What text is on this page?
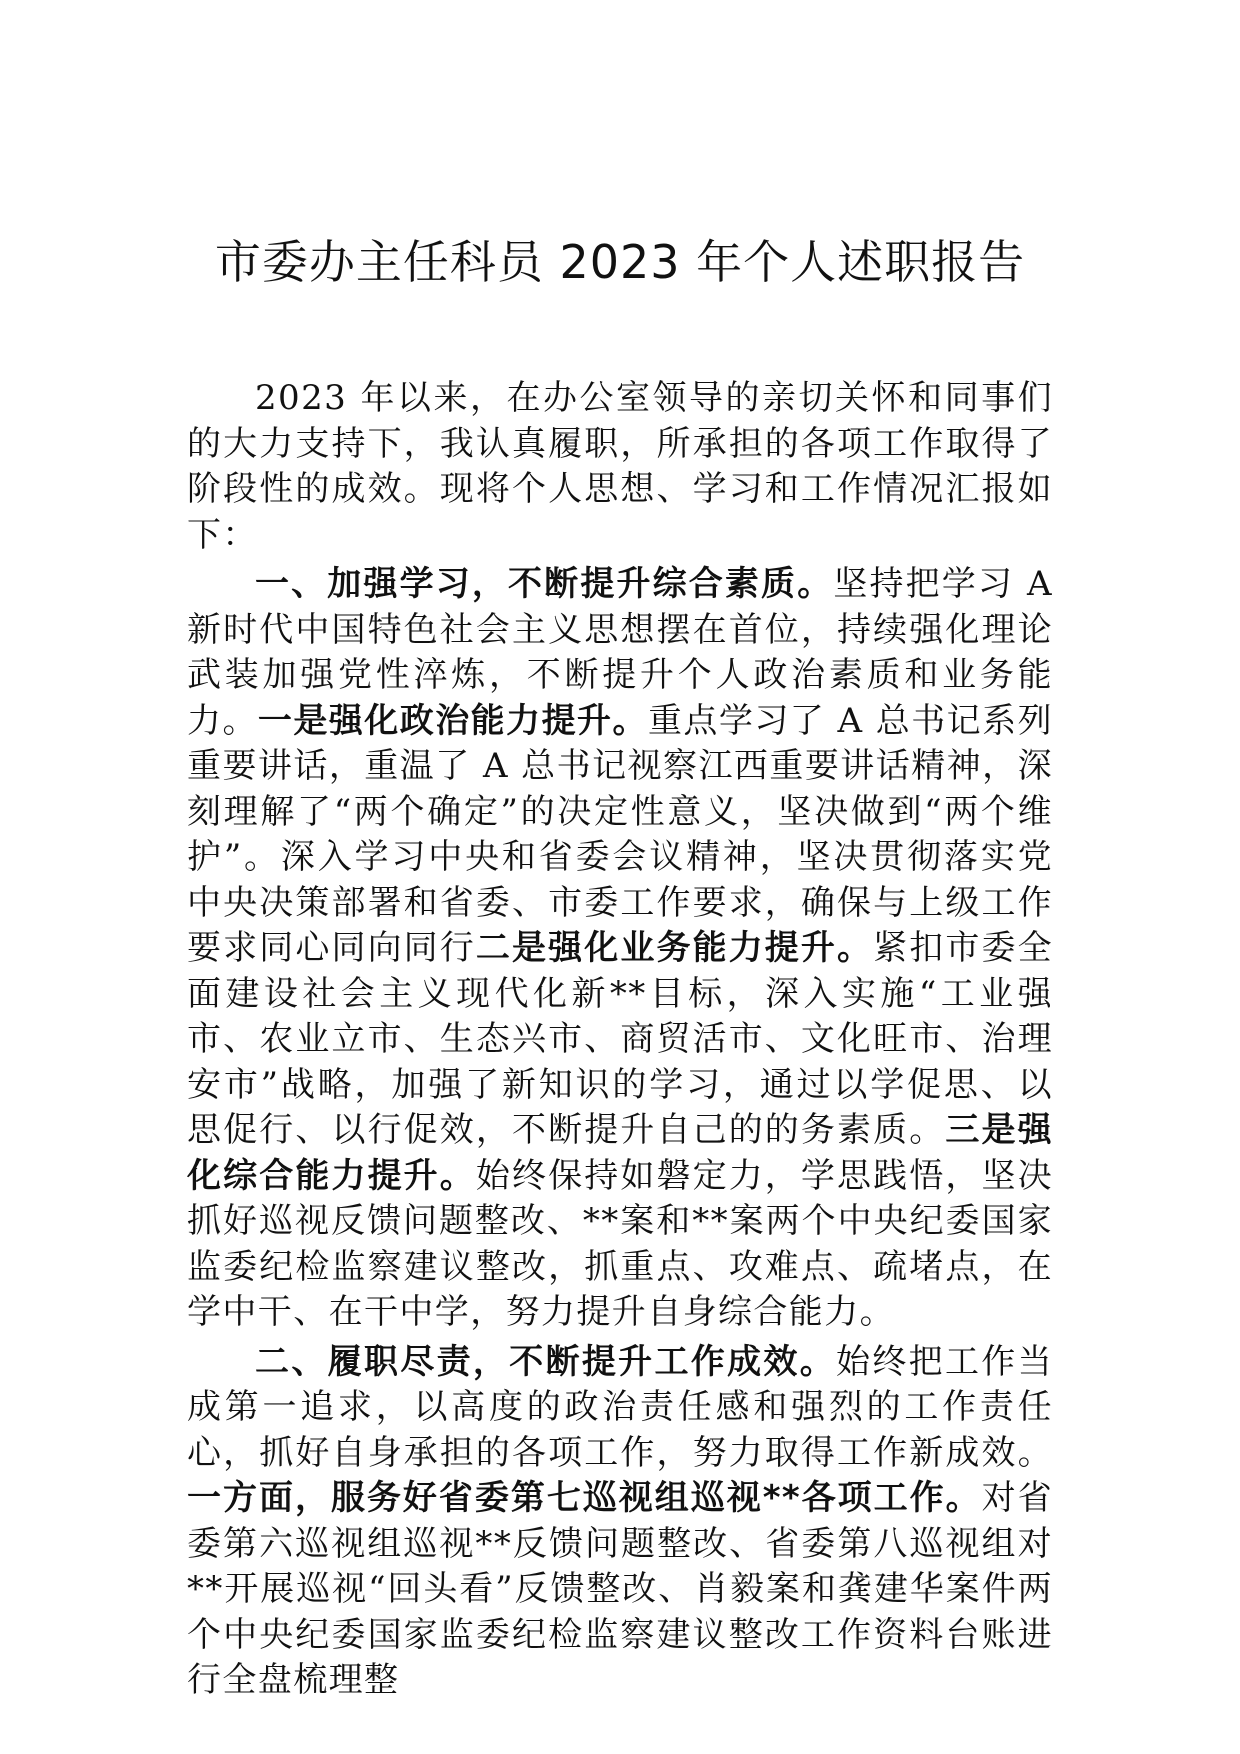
市委办主任科员 2023 年个人述职报告

2023 年以来，在办公室领导的亲切关怀和同事们的大力支持下，我认真履职，所承担的各项工作取得了阶段性的成效。现将个人思想、学习和工作情况汇报如下：

一、加强学习，不断提升综合素质。坚持把学习 A 新时代中国特色社会主义思想摆在首位，持续强化理论武装加强党性淬炼，不断提升个人政治素质和业务能力。一是强化政治能力提升。重点学习了 A 总书记系列重要讲话，重温了 A 总书记视察江西重要讲话精神，深刻理解了“两个确定”的决定性意义，坚决做到“两个维护”。深入学习中央和省委会议精神，坚决贯彻落实党中央决策部署和省委、市委工作要求，确保与上级工作要求同心同向同行二是强化业务能力提升。紧扣市委全面建设社会主义现代化新**目标，深入实施“工业强市、农业立市、生态兴市、商贸活市、文化旺市、治理安市”战略，加强了新知识的学习，通过以学促思、以思促行、以行促效，不断提升自己的的务素质。三是强化综合能力提升。始终保持如磐定力，学思践悟，坚决抓好巡视反馈问题整改、**案和**案两个中央纪委国家监委纪检监察建议整改，抓重点、攻难点、疏堵点，在学中干、在干中学，努力提升自身综合能力。

二、履职尽责，不断提升工作成效。始终把工作当成第一追求，以高度的政治责任感和强烈的工作责任心，抓好自身承担的各项工作，努力取得工作新成效。一方面，服务好省委第七巡视组巡视**各项工作。对省委第六巡视组巡视**反馈问题整改、省委第八巡视组对**开展巡视“回头看”反馈整改、肖毅案和龚建华案件两个中央纪委国家监委纪检监察建议整改工作资料台账进行全盘梳理整
